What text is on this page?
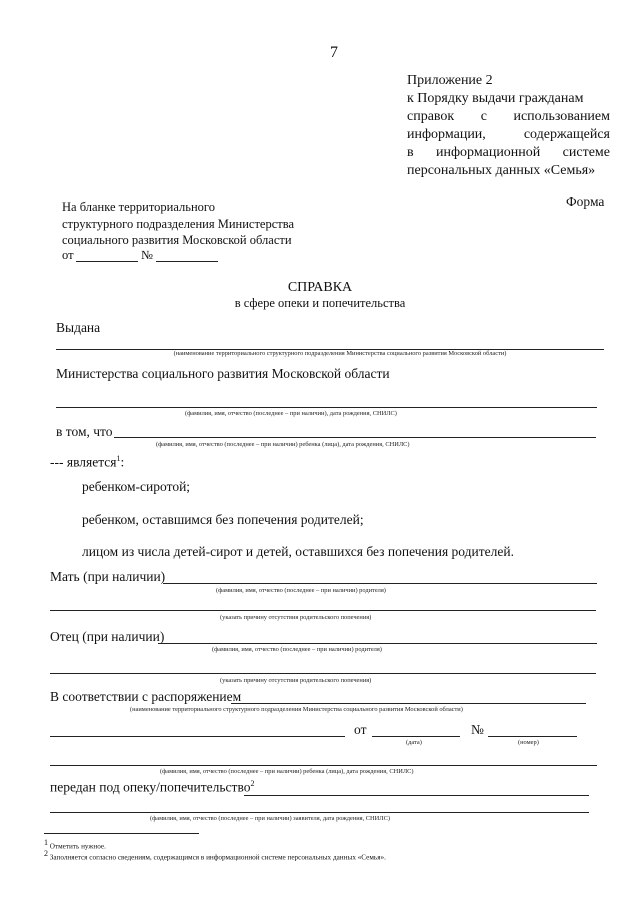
7
Приложение 2
к Порядку выдачи гражданам
справок с использованием
информации, содержащейся
в информационной системе
персональных данных «Семья»
Форма
На бланке территориального
структурного подразделения Министерства
социального развития Московской области
от	№
СПРАВКА
в сфере опеки и попечительства
Выдана
(наименование территориального структурного подразделения Министерства социального развития Московской области)
Министерства социального развития Московской области
(фамилия, имя, отчество (последнее – при наличии), дата рождения, СНИЛС)
в том, что
(фамилия, имя, отчество (последнее – при наличии) ребенка (лица), дата рождения, СНИЛС)
--- является$^1$:
ребенком-сиротой;
ребенком, оставшимся без попечения родителей;
лицом из числа детей-сирот и детей, оставшихся без попечения родителей.
Мать (при наличии)
(фамилия, имя, отчество (последнее – при наличии) родителя)
(указать причину отсутствия родительского попечения)
Отец (при наличии)
(фамилия, имя, отчество (последнее – при наличии) родителя)
(указать причину отсутствия родительского попечения)
В соответствии с распоряжением
(наименование территориального структурного подразделения Министерства социального развития Московской области)
от	№
(дата)	(номер)
(фамилия, имя, отчество (последнее – при наличии) ребенка (лица), дата рождения, СНИЛС)
передан под опеку/попечительство$^2$
(фамилия, имя, отчество (последнее – при наличии) заявителя, дата рождения, СНИЛС)
$^1$ Отметить нужное.
$^2$ Заполняется согласно сведениям, содержащимся в информационной системе персональных данных «Семья».
